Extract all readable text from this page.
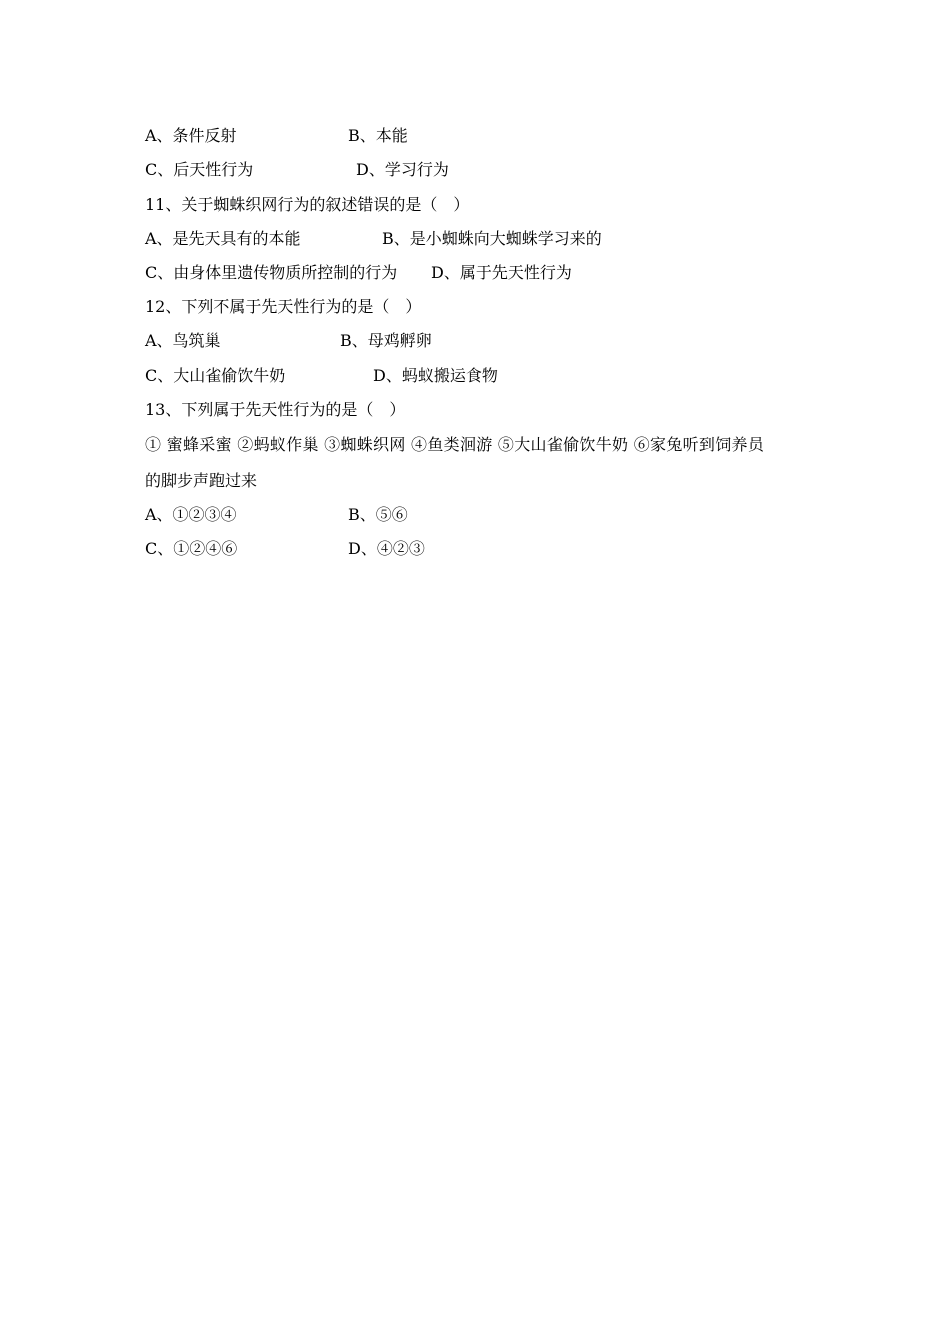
A、条件反射	B、本能
C、后天性行为	D、学习行为
11、关于蜘蛛织网行为的叙述错误的是（　）
A、是先天具有的本能	B、是小蜘蛛向大蜘蛛学习来的
C、由身体里遗传物质所控制的行为 D、属于先天性行为
12、下列不属于先天性行为的是（　）
A、鸟筑巢	B、母鸡孵卵
C、大山雀偷饮牛奶	D、蚂蚁搬运食物
13、下列属于先天性行为的是（　）
① 蜜蜂采蜜 ②蚂蚁作巢 ③蜘蛛织网 ④鱼类洄游 ⑤大山雀偷饮牛奶 ⑥家兔听到饲养员
的脚步声跑过来
A、①②③④	B、⑤⑥
C、①②④⑥	D、④②③
